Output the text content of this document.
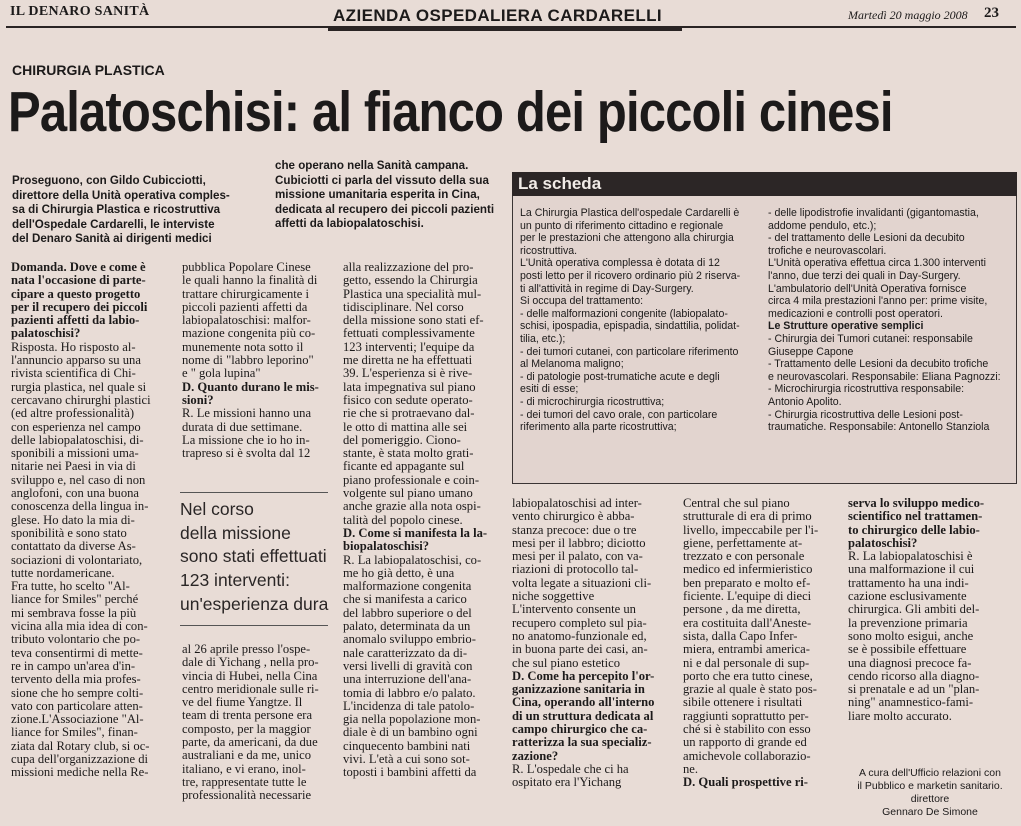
IL DENARO SANITÀ	AZIENDA OSPEDALIERA CARDARELLI	Martedì 20 maggio 2008 23
CHIRURGIA PLASTICA
Palatoschisi: al fianco dei piccoli cinesi
Proseguono, con Gildo Cubicciotti,
direttore della Unità operativa comples-
sa di Chirurgia Plastica e ricostruttiva
dell'Ospedale Cardarelli, le interviste
del Denaro Sanità ai dirigenti medici
che operano nella Sanità campana.
Cubiciotti ci parla del vissuto della sua
missione umanitaria esperita in Cina,
dedicata al recupero dei piccoli pazienti
affetti da labiopalatoschisi.
Domanda. Dove e come è
nata l'occasione di parte-
cipare a questo progetto
per il recupero dei piccoli
pazienti affetti da labio-
palatoschisi?
Risposta. Ho risposto al-
l'annuncio apparso su una
rivista scientifica di Chi-
rurgia plastica, nel quale si
cercavano chirurghi plastici
(ed altre professionalità)
con esperienza nel campo
delle labiopalatoschisi, di-
sponibili a missioni uma-
nitarie nei Paesi in via di
sviluppo e, nel caso di non
anglofoni, con una buona
conoscenza della lingua in-
glese. Ho dato la mia di-
sponibilità e sono stato
contattato da diverse As-
sociazioni di volontariato,
tutte nordamericane.
Fra tutte, ho scelto "Al-
liance for Smiles" perché
mi sembrava fosse la più
vicina alla mia idea di con-
tributo volontario che po-
teva consentirmi di mette-
re in campo un'area d'in-
tervento della mia profes-
sione che ho sempre colti-
vato con particolare atten-
zione.L'Associazione "Al-
liance for Smiles", finan-
ziata dal Rotary club, si oc-
cupa dell'organizzazione di
missioni mediche nella Re-
pubblica Popolare Cinese
le quali hanno la finalità di
trattare chirurgicamente i
piccoli pazienti affetti da
labiopalatoschisi: malfor-
mazione congenita più co-
munemente nota sotto il
nome di "labbro leporino"
e " gola lupina"
D. Quanto durano le mis-
sioni?
R. Le missioni hanno una
durata di due settimane.
La missione che io ho in-
trapreso si è svolta dal 12
Nel corso
della missione
sono stati effettuati
123 interventi:
un'esperienza dura
al 26 aprile presso l'ospe-
dale di Yichang , nella pro-
vincia di Hubei, nella Cina
centro meridionale sulle ri-
ve del fiume Yangtze. Il
team di trenta persone era
composto, per la maggior
parte, da americani, da due
australiani e da me, unico
italiano, e vi erano, inol-
tre, rappresentate tutte le
professionalità necessarie
alla realizzazione del pro-
getto, essendo la Chirurgia
Plastica una specialità mul-
tidisciplinare. Nel corso
della missione sono stati ef-
fettuati complessivamente
123 interventi; l'equipe da
me diretta ne ha effettuati
39. L'esperienza si è rive-
lata impegnativa sul piano
fisico con sedute operato-
rie che si protraevano dal-
le otto di mattina alle sei
del pomeriggio. Ciono-
stante, è stata molto grati-
ficante ed appagante sul
piano professionale e coin-
volgente sul piano umano
anche grazie alla nota ospi-
talità del popolo cinese.
D. Come si manifesta la la-
biopalatoschisi?
R. La labiopalatoschisi, co-
me ho già detto, è una
malformazione congenita
che si manifesta a carico
del labbro superiore o del
palato, determinata da un
anomalo sviluppo embrio-
nale caratterizzato da di-
versi livelli di gravità con
una interruzione dell'ana-
tomia di labbro e/o palato.
L'incidenza di tale patolo-
gia nella popolazione mon-
diale è di un bambino ogni
cinquecento bambini nati
vivi. L'età a cui sono sot-
toposti i bambini affetti da
labiopalatoschisi ad inter-
vento chirurgico è abba-
stanza precoce: due o tre
mesi per il labbro; diciotto
mesi per il palato, con va-
riazioni di protocollo tal-
volta legate a situazioni cli-
niche soggettive
L'intervento consente un
recupero completo sul pia-
no anatomo-funzionale ed,
in buona parte dei casi, an-
che sul piano estetico
D. Come ha percepito l'or-
ganizzazione sanitaria in
Cina, operando all'interno
di un struttura dedicata al
campo chirurgico che ca-
ratterizza la sua specializ-
zazione?
R. L'ospedale che ci ha
ospitato era l'Yichang
Central che sul piano
strutturale di era di primo
livello, impeccabile per l'i-
giene, perfettamente at-
trezzato e con personale
medico ed infermieristico
ben preparato e molto ef-
ficiente. L'equipe di dieci
persone , da me diretta,
era costituita dall'Aneste-
sista, dalla Capo Infer-
miera, entrambi america-
ni e dal personale di sup-
porto che era tutto cinese,
grazie al quale è stato pos-
sibile ottenere i risultati
raggiunti soprattutto per-
ché si è stabilito con esso
un rapporto di grande ed
amichevole collaborazio-
ne.
D. Quali prospettive ri-
serva lo sviluppo medico-
scientifico nel trattamen-
to chirurgico delle labio-
palatoschisi?
R. La labiopalatoschisi è
una malformazione il cui
trattamento ha una indi-
cazione esclusivamente
chirurgica. Gli ambiti del-
la prevenzione primaria
sono molto esigui, anche
se è possibile effettuare
una diagnosi precoce fa-
cendo ricorso alla diagno-
si prenatale e ad un "plan-
ning" anamnestico-fami-
liare molto accurato.
A cura dell'Ufficio relazioni con
il Pubblico e marketin sanitario.
direttore
Gennaro De Simone
La scheda
La Chirurgia Plastica dell'ospedale Cardarelli è
un punto di riferimento cittadino e regionale
per le prestazioni che attengono alla chirurgia
ricostruttiva.
L'Unità operativa complessa è dotata di 12
posti letto per il ricovero ordinario più 2 riserva-
ti all'attività in regime di Day-Surgery.
Si occupa del trattamento:
- delle malformazioni congenite (labiopalato-
schisi, ipospadia, epispadia, sindattilia, polidat-
tilia, etc.);
- dei tumori cutanei, con particolare riferimento
al Melanoma maligno;
- di patologie post-trumatiche acute e degli
esiti di esse;
- di microchirurgia ricostruttiva;
- dei tumori del cavo orale, con particolare
riferimento alla parte ricostruttiva;
- delle lipodistrofie invalidanti (gigantomastia,
addome pendulo, etc.);
- del trattamento delle Lesioni da decubito
trofiche e neurovascolari.
L'Unità operativa effettua circa 1.300 interventi
l'anno, due terzi dei quali in Day-Surgery.
L'ambulatorio dell'Unità Operativa fornisce
circa 4 mila prestazioni l'anno per: prime visite,
medicazioni e controlli post operatori.
Le Strutture operative semplici
- Chirurgia dei Tumori cutanei: responsabile
Giuseppe Capone
- Trattamento delle Lesioni da decubito trofiche
e neurovascolari. Responsabile: Eliana Pagnozzi:
- Microchirurgia ricostruttiva responsabile:
Antonio Apolito.
- Chirurgia ricostruttiva delle Lesioni post-
traumatiche. Responsabile: Antonello Stanziola
